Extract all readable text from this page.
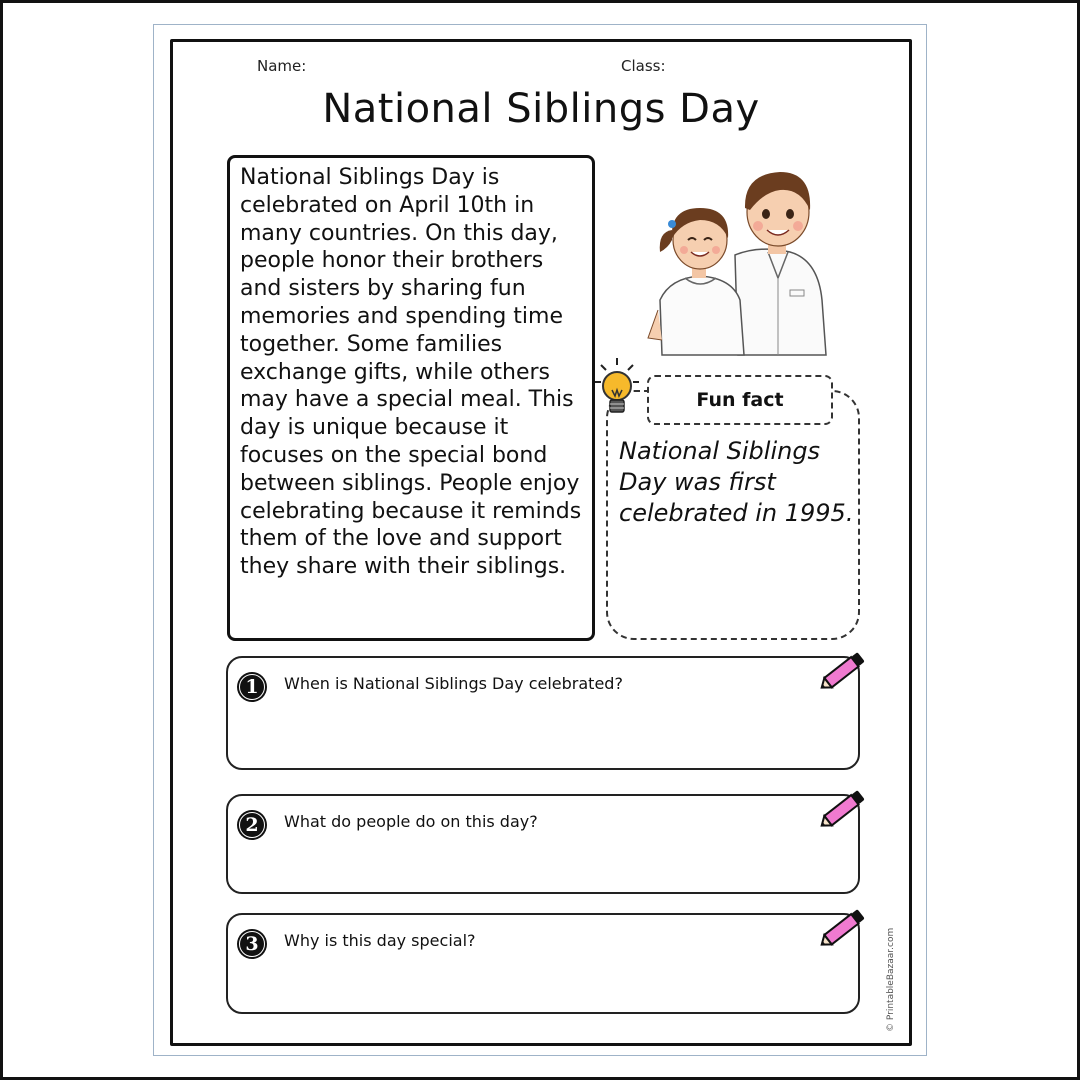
Name:	Class:
National Siblings Day
National Siblings Day is celebrated on April 10th in many countries. On this day, people honor their brothers and sisters by sharing fun memories and spending time together. Some families exchange gifts, while others may have a special meal. This day is unique because it focuses on the special bond between siblings. People enjoy celebrating because it reminds them of the love and support they share with their siblings.
Fun fact
National Siblings Day was first celebrated in 1995.
1	When is National Siblings Day celebrated?
2	What do people do on this day?
3	Why is this day special?	© PrintableBazaar.com
